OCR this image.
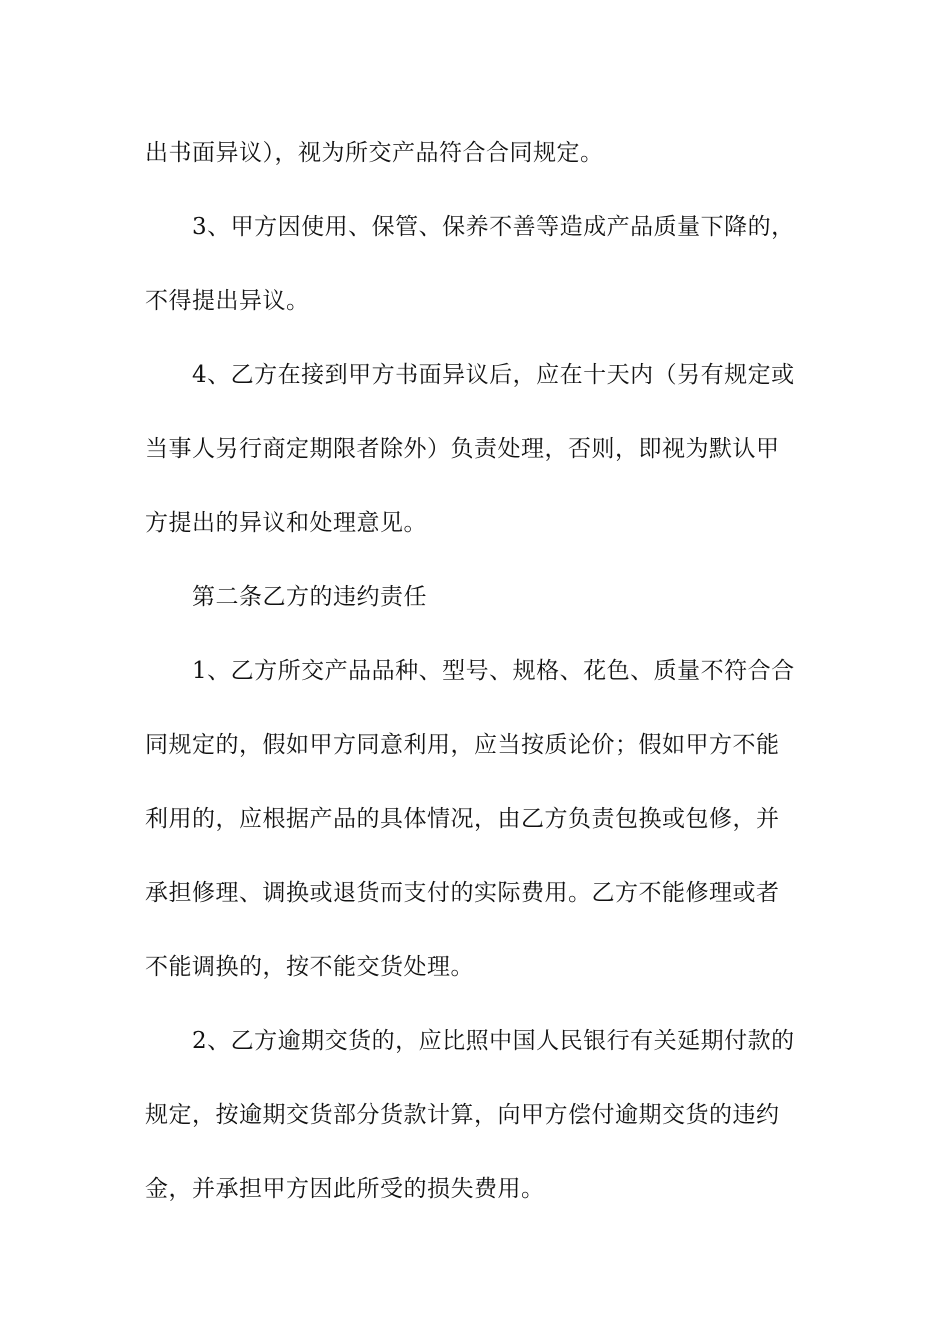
出书面异议），视为所交产品符合合同规定。
3、甲方因使用、保管、保养不善等造成产品质量下降的，
不得提出异议。
4、乙方在接到甲方书面异议后，应在十天内（另有规定或
当事人另行商定期限者除外）负责处理，否则，即视为默认甲
方提出的异议和处理意见。
第二条乙方的违约责任
1、乙方所交产品品种、型号、规格、花色、质量不符合合
同规定的，假如甲方同意利用，应当按质论价；假如甲方不能
利用的，应根据产品的具体情况，由乙方负责包换或包修，并
承担修理、调换或退货而支付的实际费用。乙方不能修理或者
不能调换的，按不能交货处理。
2、乙方逾期交货的，应比照中国人民银行有关延期付款的
规定，按逾期交货部分货款计算，向甲方偿付逾期交货的违约
金，并承担甲方因此所受的损失费用。
